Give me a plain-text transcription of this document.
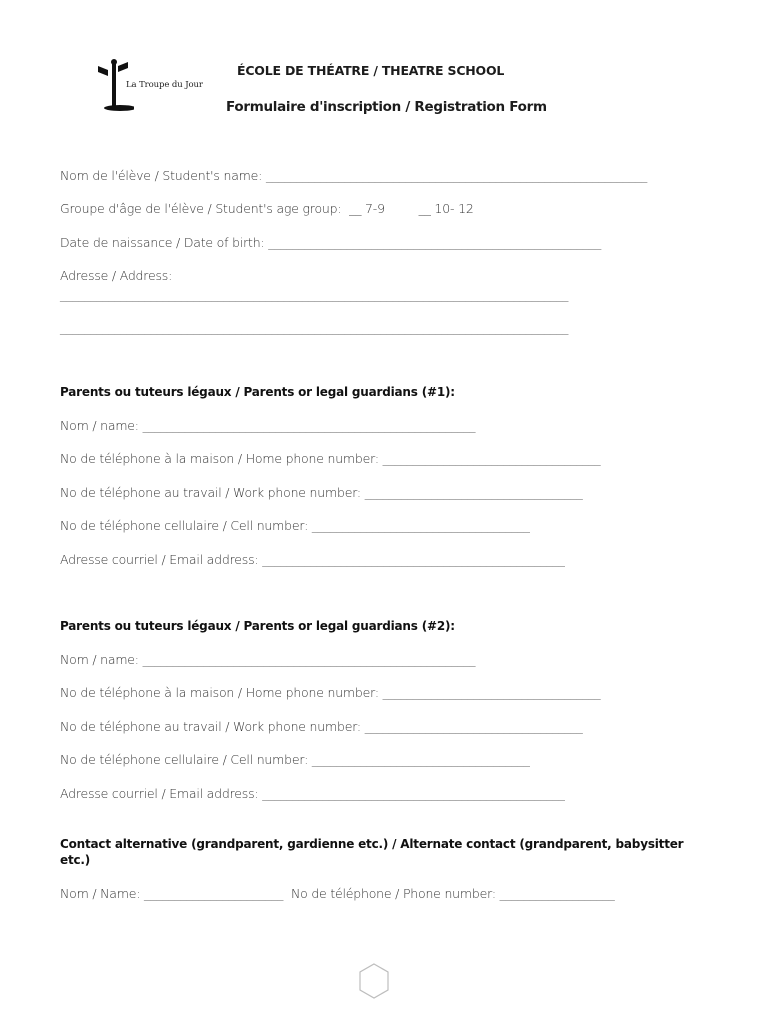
La Troupe du Jour
ÉCOLE DE THÉATRE / THEATRE SCHOOL
Formulaire d'inscription / Registration Form
Nom de l'élève / Student's name: _______________________________________________________________
Groupe d'âge de l'élève / Student's age group: __ 7-9	__ 10- 12
Date de naissance / Date of birth: _______________________________________________________
Adresse / Address:
____________________________________________________________________________________
____________________________________________________________________________________
Parents ou tuteurs légaux / Parents or legal guardians (#1):
Nom / name: _______________________________________________________
No de téléphone à la maison / Home phone number: ____________________________________
No de téléphone au travail / Work phone number: ____________________________________
No de téléphone cellulaire / Cell number: ____________________________________
Adresse courriel / Email address: __________________________________________________
Parents ou tuteurs légaux / Parents or legal guardians (#2):
Nom / name: _______________________________________________________
No de téléphone à la maison / Home phone number: ____________________________________
No de téléphone au travail / Work phone number: ____________________________________
No de téléphone cellulaire / Cell number: ____________________________________
Adresse courriel / Email address: __________________________________________________
Contact alternative (grandparent, gardienne etc.) / Alternate contact (grandparent, babysitter etc.)
Nom / Name: _______________________ No de téléphone / Phone number: ___________________
